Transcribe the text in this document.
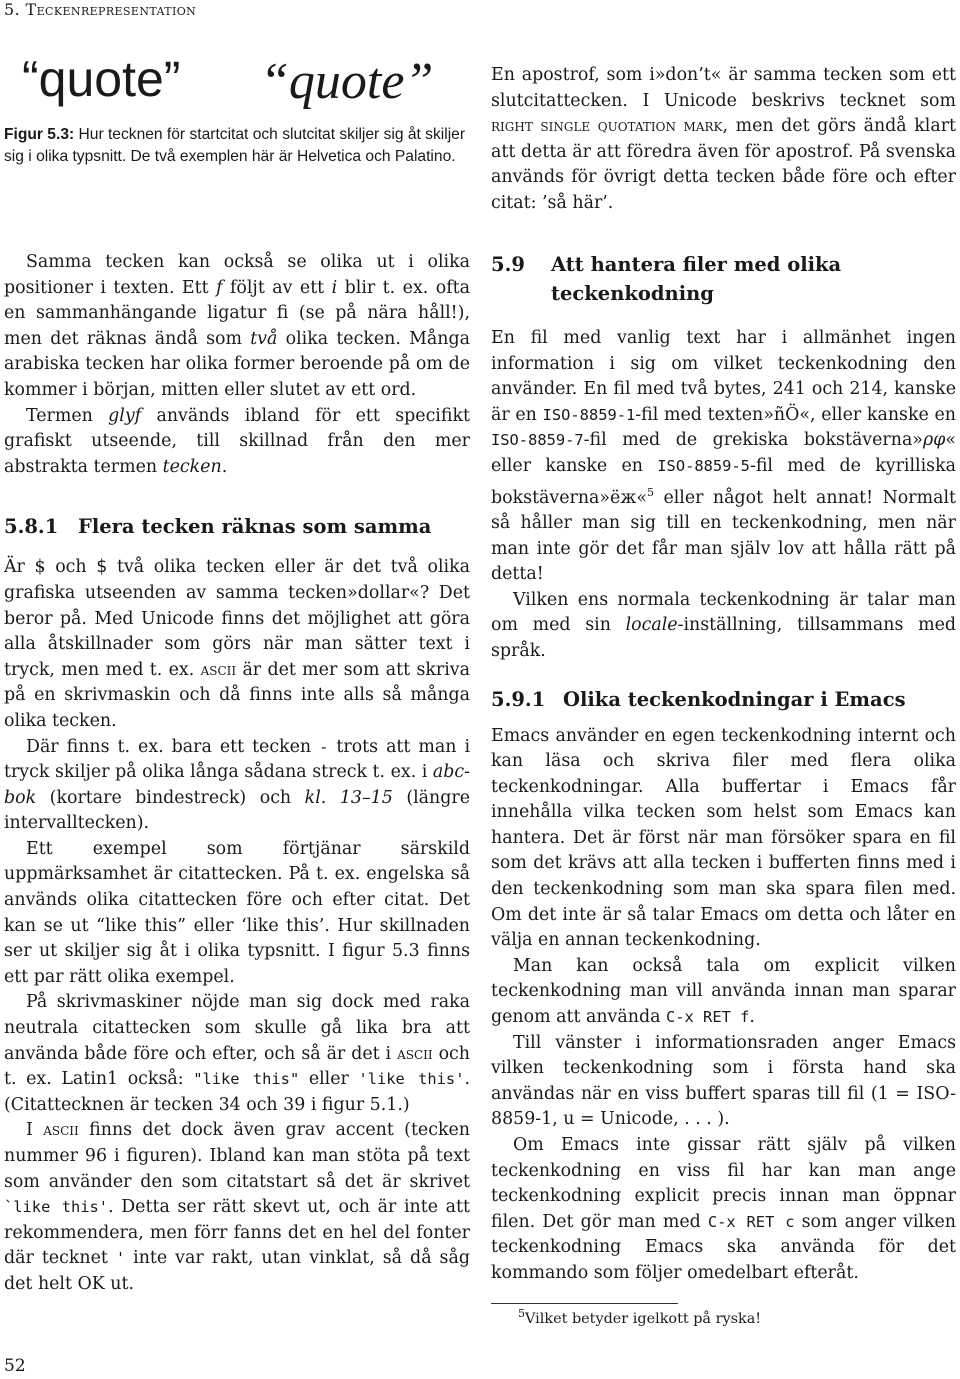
5. Teckenrepresentation
“quote” “quote”
Figur 5.3: Hur tecknen för startcitat och slutcitat skiljer sig åt skiljer sig i olika typsnitt. De två exemplen här är Helvetica och Palatino.

En apostrof, som i»don’t« är samma tecken som ett slutcitattecken. I Unicode beskrivs tecknet som right single quotation mark, men det görs ändå klart att detta är att föredra även för apostrof. På svenska används för övrigt detta tecken både före och efter citat: ’så här’.

Samma tecken kan också se olika ut i olika positioner i texten. Ett f följt av ett i blir t. ex. ofta en sammanhängande ligatur ﬁ (se på nära håll!), men det räknas ändå som två olika tecken. Många arabiska tecken har olika former beroende på om de kommer i början, mitten eller slutet av ett ord.

Termen glyf används ibland för ett speciﬁkt graﬁskt utseende, till skillnad från den mer abstrakta termen tecken.

5.8.1	Flera tecken räknas som samma

Är $ och $ två olika tecken eller är det två olika graﬁska utseenden av samma tecken»dollar«? Det beror på. Med Unicode ﬁnns det möjlighet att göra alla åtskillnader som görs när man sätter text i tryck, men med t. ex. ascii är det mer som att skriva på en skrivmaskin och då ﬁnns inte alls så många olika tecken.

Där ﬁnns t. ex. bara ett tecken - trots att man i tryck skiljer på olika långa sådana streck t. ex. i abc-bok (kortare bindestreck) och kl. 13–15 (längre intervalltecken).

Ett exempel som förtjänar särskild uppmärksamhet är citattecken. På t. ex. engelska så används olika citattecken före och efter citat. Det kan se ut “like this” eller ‘like this’. Hur skillnaden ser ut skiljer sig åt i olika typsnitt. I ﬁgur 5.3 ﬁnns ett par rätt olika exempel.

På skrivmaskiner nöjde man sig dock med raka neutrala citattecken som skulle gå lika bra att använda både före och efter, och så är det i ascii och t. ex. Latin1 också: "like this" eller 'like this'. (Citattecknen är tecken 34 och 39 i ﬁgur 5.1.)

I ascii ﬁnns det dock även grav accent (tecken nummer 96 i ﬁguren). Ibland kan man stöta på text som använder den som citatstart så det är skrivet `like this'. Detta ser rätt skevt ut, och är inte att rekommendera, men förr fanns det en hel del fonter där tecknet ' inte var rakt, utan vinklat, så då såg det helt OK ut.

5.9	Att hantera ﬁler med olika teckenkodning

En ﬁl med vanlig text har i allmänhet ingen information i sig om vilket teckenkodning den använder. En ﬁl med två bytes, 241 och 214, kanske är en ISO-8859-1-ﬁl med texten»ñÖ«, eller kanske en ISO-8859-7-ﬁl med de grekiska bokstäverna»ρφ« eller kanske en ISO-8859-5-ﬁl med de kyrilliska bokstäverna»ёж«$^5$ eller något helt annat! Normalt så håller man sig till en teckenkodning, men när man inte gör det får man själv lov att hålla rätt på detta!

Vilken ens normala teckenkodning är talar man om med sin locale-inställning, tillsammans med språk.

5.9.1 Olika teckenkodningar i Emacs

Emacs använder en egen teckenkodning internt och kan läsa och skriva ﬁler med ﬂera olika teckenkodningar. Alla buffertar i Emacs får innehålla vilka tecken som helst som Emacs kan hantera. Det är först när man försöker spara en ﬁl som det krävs att alla tecken i bufferten ﬁnns med i den teckenkodning som man ska spara ﬁlen med. Om det inte är så talar Emacs om detta och låter en välja en annan teckenkodning.

Man kan också tala om explicit vilken teckenkodning man vill använda innan man sparar genom att använda C-x RET f.

Till vänster i informationsraden anger Emacs vilken teckenkodning som i första hand ska användas när en viss buffert sparas till ﬁl (1 = ISO-8859-1, u = Unicode, . . . ).

Om Emacs inte gissar rätt själv på vilken teckenkodning en viss ﬁl har kan man ange teckenkodning explicit precis innan man öppnar ﬁlen. Det gör man med C-x RET c som anger vilken teckenkodning Emacs ska använda för det kommando som följer omedelbart efteråt.

$^5$Vilket betyder igelkott på ryska!
52
